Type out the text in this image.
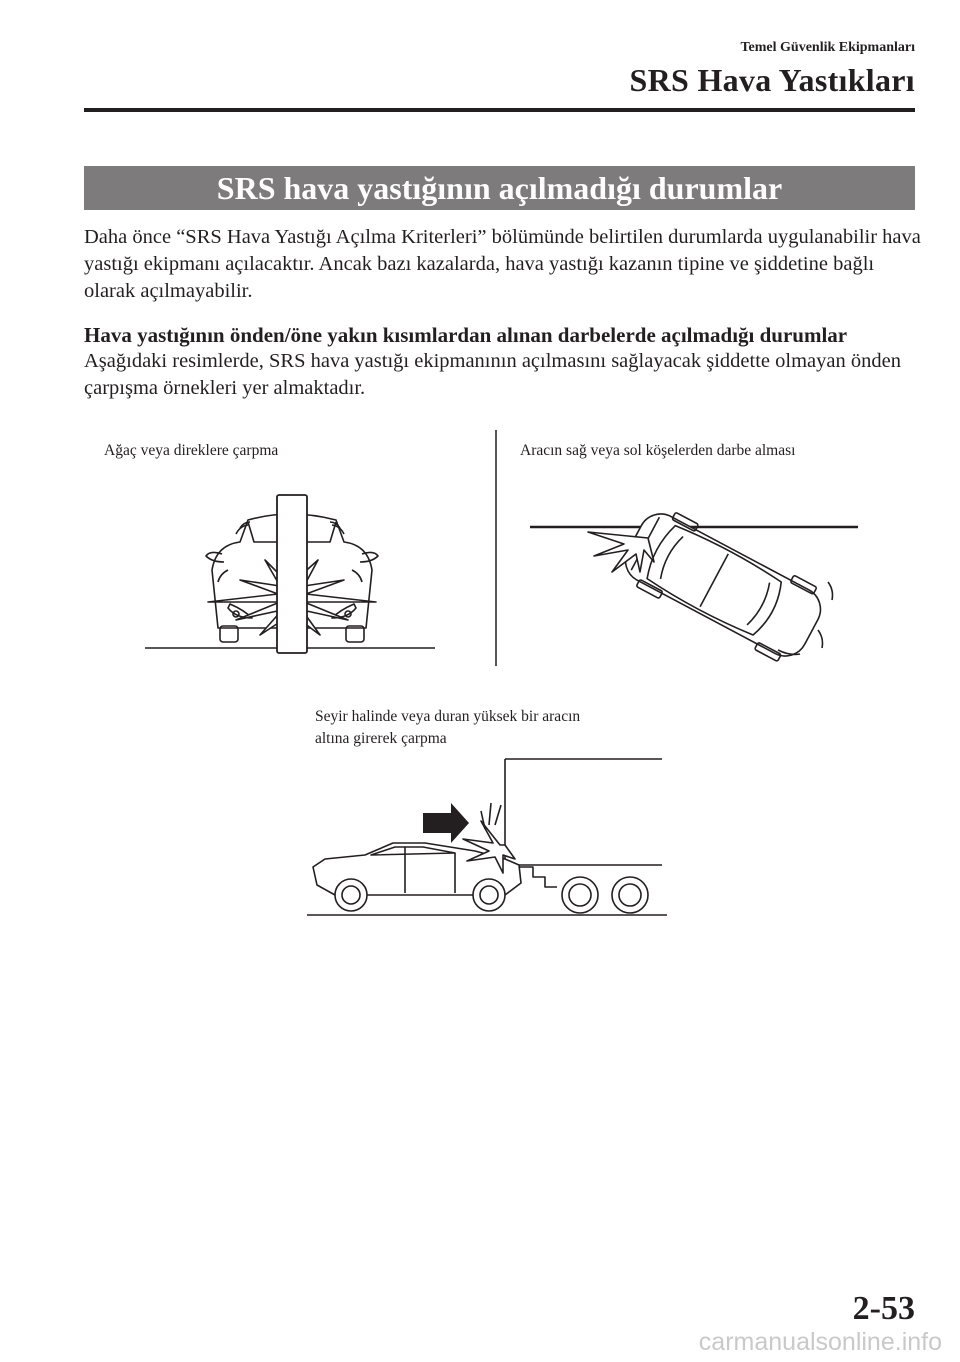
Temel Güvenlik Ekipmanları
SRS Hava Yastıkları
SRS hava yastığının açılmadığı durumlar

Daha önce “SRS Hava Yastığı Açılma Kriterleri” bölümünde belirtilen durumlarda uygulanabilir hava yastığı ekipmanı açılacaktır. Ancak bazı kazalarda, hava yastığı kazanın tipine ve şiddetine bağlı olarak açılmayabilir.

Hava yastığının önden/öne yakın kısımlardan alınan darbelerde açılmadığı durumlar

Aşağıdaki resimlerde, SRS hava yastığı ekipmanının açılmasını sağlayacak şiddette olmayan önden çarpışma örnekleri yer almaktadır.

Ağaç veya direklere çarpma	Aracın sağ veya sol köşelerden darbe alması
Seyir halinde veya duran yüksek bir aracın
altına girerek çarpma
2-53
carmanualsonline.info
